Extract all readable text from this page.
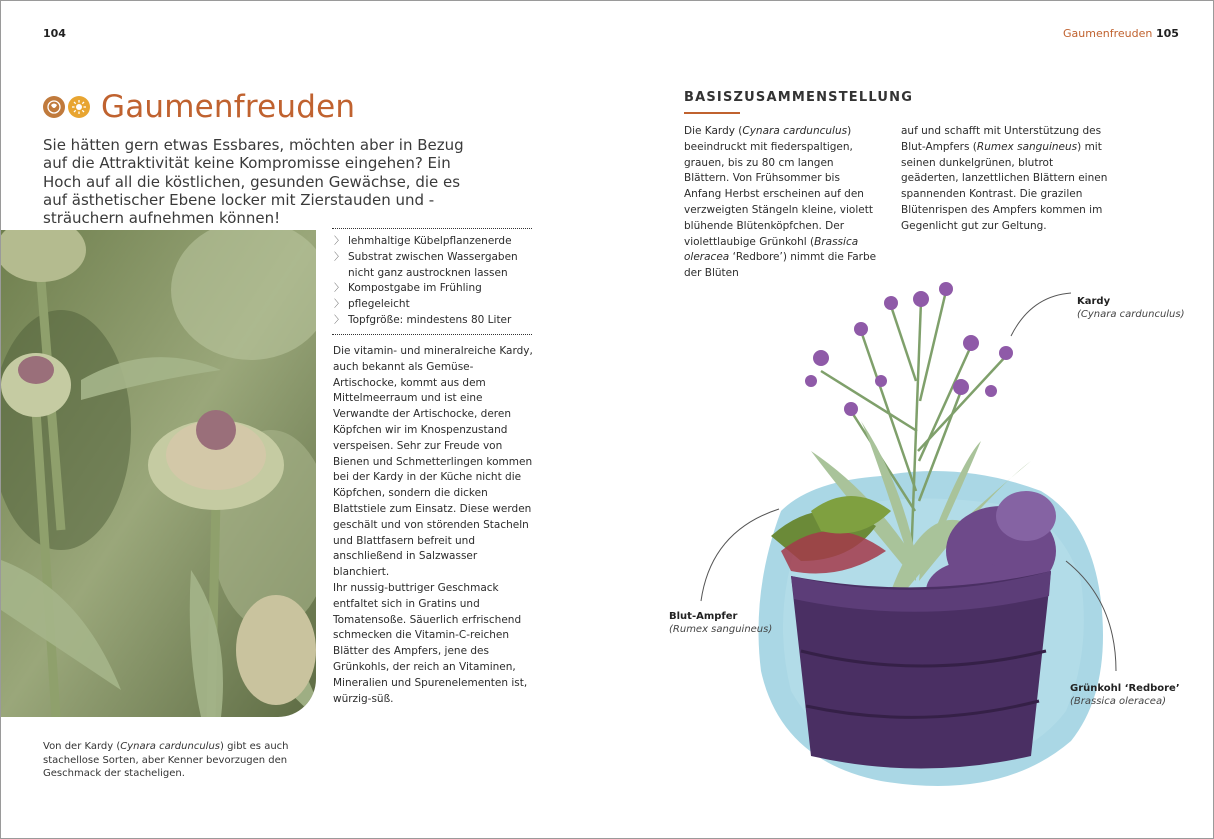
104
Gaumenfreuden

Sie hätten gern etwas Essbares, möchten aber in Bezug auf die Attraktivität keine Kompromisse eingehen? Ein Hoch auf all die köstlichen, gesunden Gewächse, die es auf ästhetischer Ebene locker mit Zierstauden und -sträuchern aufnehmen können!

Von der Kardy (Cynara cardunculus) gibt es auch stachellose Sorten, aber Kenner bevorzugen den Geschmack der stacheligen.

〉 lehmhaltige Kübelpflanzenerde
〉 Substrat zwischen Wassergaben nicht ganz austrocknen lassen
〉 Kompostgabe im Frühling
〉 pflegeleicht
〉 Topfgröße: mindestens 80 Liter

Die vitamin- und mineralreiche Kardy, auch bekannt als Gemüse-Artischocke, kommt aus dem Mittelmeerraum und ist eine Verwandte der Artischocke, deren Köpfchen wir im Knospenzustand verspeisen. Sehr zur Freude von Bienen und Schmetterlingen kommen bei der Kardy in der Küche nicht die Köpfchen, sondern die dicken Blattstiele zum Einsatz. Diese werden geschält und von störenden Stacheln und Blattfasern befreit und anschließend in Salzwasser blanchiert.
Ihr nussig-buttriger Geschmack entfaltet sich in Gratins und Tomatensoße. Säuerlich erfrischend schmecken die Vitamin-C-reichen Blätter des Ampfers, jene des Grünkohls, der reich an Vitaminen, Mineralien und Spurenelementen ist, würzig-süß.

Gaumenfreuden 105
BASISZUSAMMENSTELLUNG

Die Kardy (Cynara cardunculus) beeindruckt mit fiederspaltigen, grauen, bis zu 80 cm langen Blättern. Von Frühsommer bis Anfang Herbst erscheinen auf den verzweigten Stängeln kleine, violett blühende Blütenköpfchen. Der violettlaubige Grünkohl (Brassica oleracea ‘Redbore’) nimmt die Farbe der Blüten

auf und schafft mit Unterstützung des Blut-Ampfers (Rumex sanguineus) mit seinen dunkelgrünen, blutrot geäderten, lanzettlichen Blättern einen spannenden Kontrast. Die grazilen Blütenrispen des Ampfers kommen im Gegenlicht gut zur Geltung.

Kardy
(Cynara cardunculus)
Blut-Ampfer
(Rumex sanguineus)
Grünkohl ‘Redbore’
(Brassica oleracea)
